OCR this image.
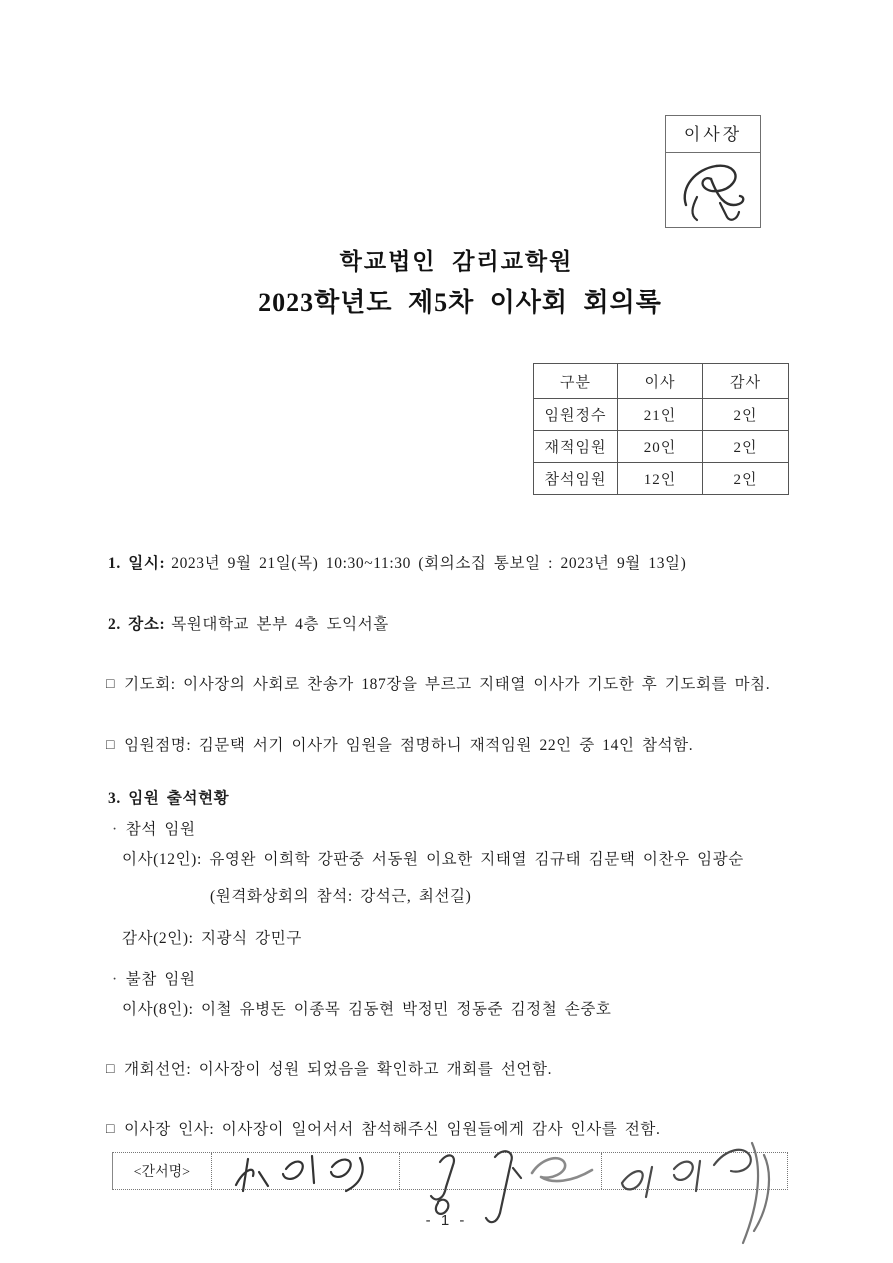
이사장
학교법인 감리교학원
2023학년도 제5차 이사회 회의록
구분	이사	감사
임원정수	21인	2인
재적임원	20인	2인
참석임원	12인	2인
1. 일시: 2023년 9월 21일(목) 10:30~11:30 (회의소집 통보일 : 2023년 9월 13일)
2. 장소: 목원대학교 본부 4층 도익서홀
□ 기도회: 이사장의 사회로 찬송가 187장을 부르고 지태열 이사가 기도한 후 기도회를 마침.
□ 임원점명: 김문택 서기 이사가 임원을 점명하니 재적임원 22인 중 14인 참석함.
3. 임원 출석현황
· 참석 임원
이사(12인): 유영완 이희학 강판중 서동원 이요한 지태열 김규태 김문택 이찬우 임광순
(원격화상회의 참석: 강석근, 최선길)
감사(2인): 지광식 강민구
· 불참 임원
이사(8인): 이철 유병돈 이종목 김동현 박정민 정동준 김정철 손중호
□ 개회선언: 이사장이 성원 되었음을 확인하고 개회를 선언함.
□ 이사장 인사: 이사장이 일어서서 참석해주신 임원들에게 감사 인사를 전함.
<간서명>
- 1 -
